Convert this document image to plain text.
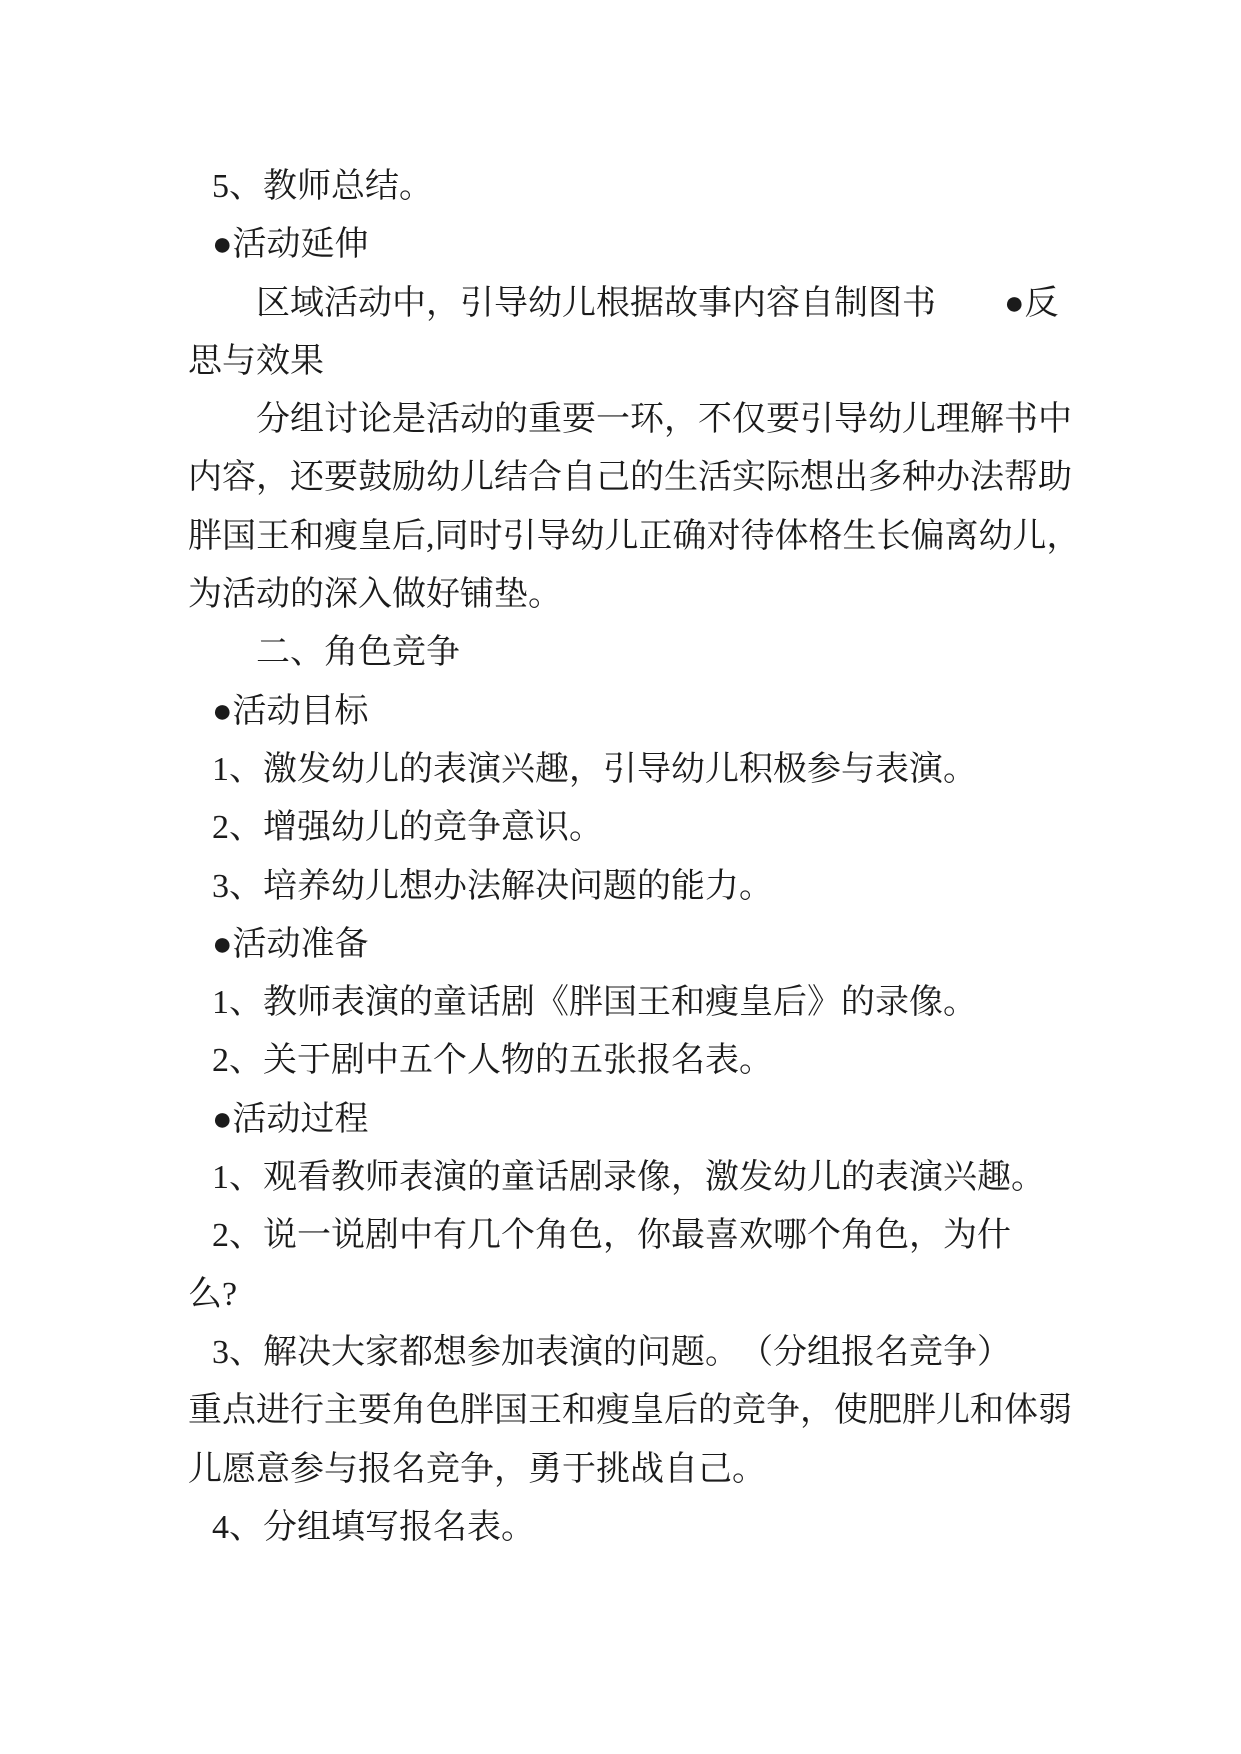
5、教师总结。
●活动延伸
区域活动中，引导幼儿根据故事内容自制图书　　●反
思与效果
分组讨论是活动的重要一环，不仅要引导幼儿理解书中
内容，还要鼓励幼儿结合自己的生活实际想出多种办法帮助
胖国王和瘦皇后,同时引导幼儿正确对待体格生长偏离幼儿，
为活动的深入做好铺垫。
二、角色竞争
●活动目标
1、激发幼儿的表演兴趣，引导幼儿积极参与表演。
2、增强幼儿的竞争意识。
3、培养幼儿想办法解决问题的能力。
●活动准备
1、教师表演的童话剧《胖国王和瘦皇后》的录像。
2、关于剧中五个人物的五张报名表。
●活动过程
1、观看教师表演的童话剧录像，激发幼儿的表演兴趣。
2、说一说剧中有几个角色，你最喜欢哪个角色，为什
么?
3、解决大家都想参加表演的问题。　（分组报名竞争）
重点进行主要角色胖国王和瘦皇后的竞争，使肥胖儿和体弱
儿愿意参与报名竞争，勇于挑战自己。
4、分组填写报名表。
